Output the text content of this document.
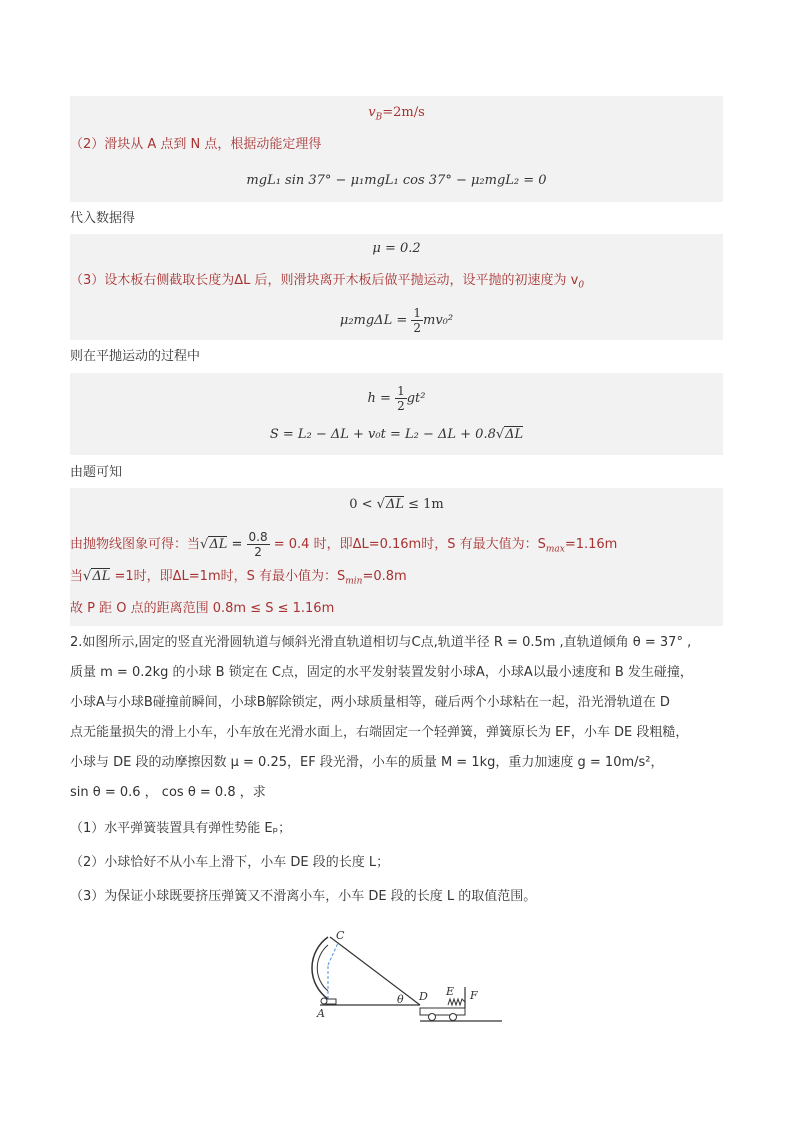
$v_B=2m/s$
（2）滑块从 A 点到 N 点，根据动能定理得
mgL₁ sin 37° − μ₁mgL₁ cos 37° − μ₂mgL₂ = 0
代入数据得
μ = 0.2
（3）设木板右侧截取长度为ΔL 后，则滑块离开木板后做平抛运动，设平抛的初速度为 $v_0$
$\mu_2mg\Delta L = \frac{1}{2} mv_0^2$
则在平抛运动的过程中
$h = \frac{1}{2} gt^2$
S = L₂ − ΔL + v₀t = L₂ − ΔL + 0.8√ΔL
由题可知
0 < √ΔL ≤ 1m
由抛物线图象可得：当$√\Delta L = \frac{0.8}{2} = 0.4$ 时，即ΔL=0.16m时，S 有最大值为：$S_{max}=1.16m$
当√ΔL =1时，即ΔL=1m时，S 有最小值为：$S_{min}=0.8m$
故 P 距 O 点的距离范围 0.8m ≤ S ≤ 1.16m
2.如图所示,固定的竖直光滑圆轨道与倾斜光滑直轨道相切与C点,轨道半径 R = 0.5m ,直轨道倾角 θ = 37° ,
质量 m = 0.2kg 的小球 B 锁定在 C点，固定的水平发射装置发射小球A，小球A以最小速度和 B 发生碰撞，
小球A与小球B碰撞前瞬间，小球B解除锁定，两小球质量相等，碰后两个小球粘在一起，沿光滑轨道在 D
点无能量损失的滑上小车，小车放在光滑水面上，右端固定一个轻弹簧，弹簧原长为 EF，小车 DE 段粗糙，
小球与 DE 段的动摩擦因数 μ = 0.25，EF 段光滑，小车的质量 M = 1kg，重力加速度 g = 10m/s²，
sin θ = 0.6 ， cos θ = 0.8 ，求
（1）水平弹簧装置具有弹性势能 Eₚ；
（2）小球恰好不从小车上滑下，小车 DE 段的长度 L；
（3）为保证小球既要挤压弹簧又不滑离小车，小车 DE 段的长度 L 的取值范围。
C
A
θ D E F
